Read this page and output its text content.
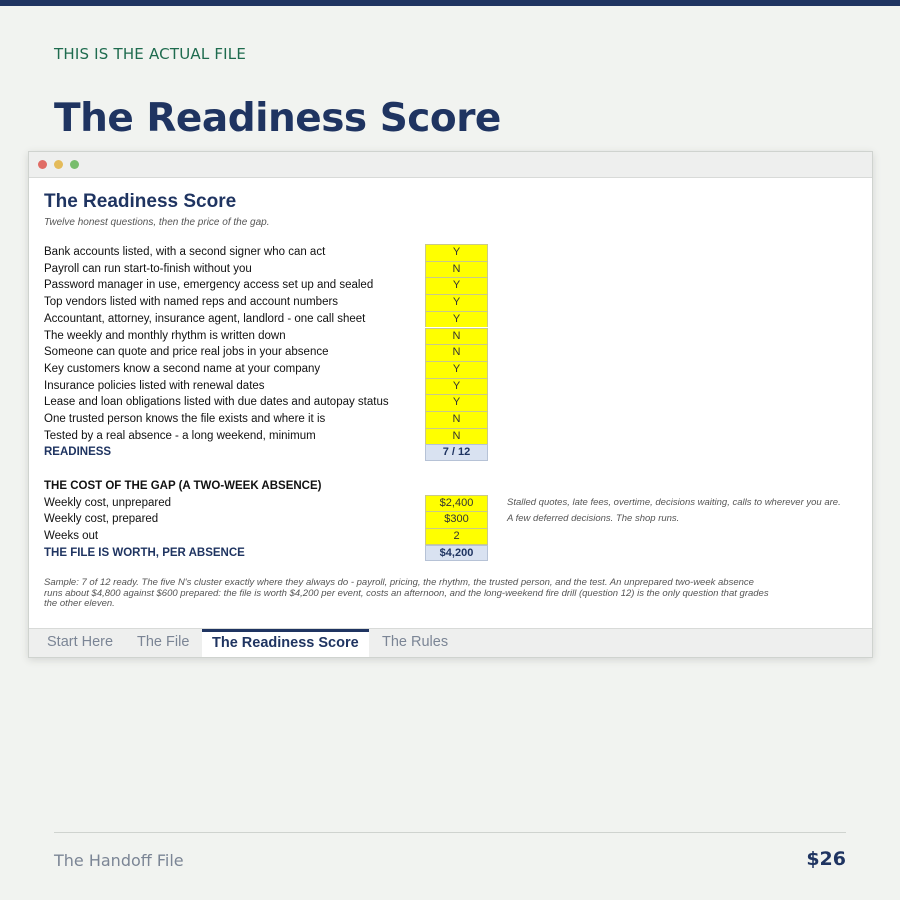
THIS IS THE ACTUAL FILE
The Readiness Score
The Readiness Score
Twelve honest questions, then the price of the gap.
Bank accounts listed, with a second signer who can act	Y
Payroll can run start-to-finish without you	N
Password manager in use, emergency access set up and sealed	Y
Top vendors listed with named reps and account numbers	Y
Accountant, attorney, insurance agent, landlord - one call sheet	Y
The weekly and monthly rhythm is written down	N
Someone can quote and price real jobs in your absence	N
Key customers know a second name at your company	Y
Insurance policies listed with renewal dates	Y
Lease and loan obligations listed with due dates and autopay status	Y
One trusted person knows the file exists and where it is	N
Tested by a real absence - a long weekend, minimum	N
READINESS	7 / 12
THE COST OF THE GAP (A TWO-WEEK ABSENCE)
Weekly cost, unprepared	$2,400	Stalled quotes, late fees, overtime, decisions waiting, calls to wherever you are.
Weekly cost, prepared	$300	A few deferred decisions. The shop runs.
Weeks out	2
THE FILE IS WORTH, PER ABSENCE	$4,200
Sample: 7 of 12 ready. The five N's cluster exactly where they always do - payroll, pricing, the rhythm, the trusted person, and the test. An unprepared two-week absence runs about $4,800 against $600 prepared: the file is worth $4,200 per event, costs an afternoon, and the long-weekend fire drill (question 12) is the only question that grades the other eleven.
Start Here	The File	The Readiness Score	The Rules
The Handoff File	$26
